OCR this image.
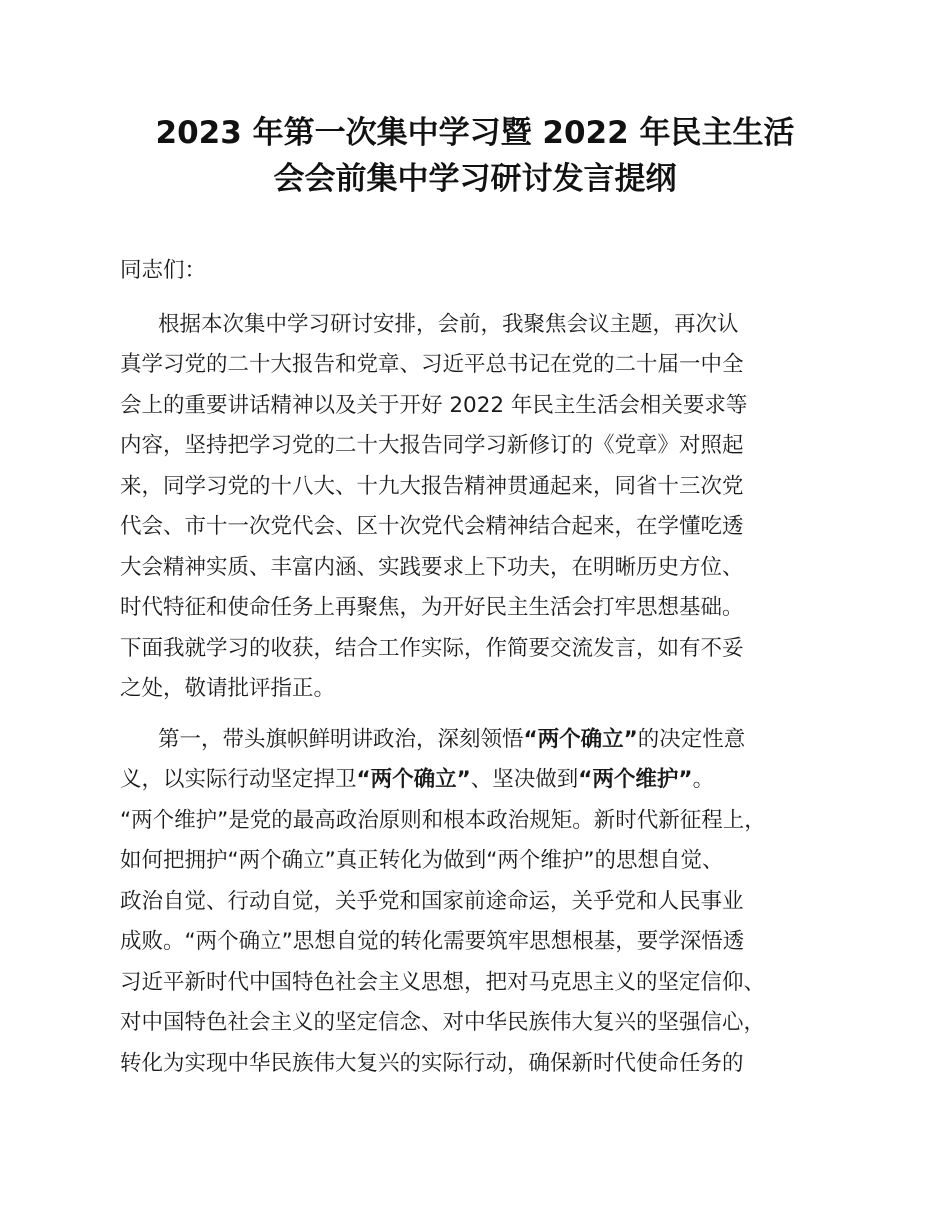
2023 年第一次集中学习暨 2022 年民主生活
会会前集中学习研讨发言提纲
同志们：
根据本次集中学习研讨安排，会前，我聚焦会议主题，再次认
真学习党的二十大报告和党章、习近平总书记在党的二十届一中全
会上的重要讲话精神以及关于开好 2022 年民主生活会相关要求等
内容，坚持把学习党的二十大报告同学习新修订的《党章》对照起
来，同学习党的十八大、十九大报告精神贯通起来，同省十三次党
代会、市十一次党代会、区十次党代会精神结合起来，在学懂吃透
大会精神实质、丰富内涵、实践要求上下功夫，在明晰历史方位、
时代特征和使命任务上再聚焦，为开好民主生活会打牢思想基础。
下面我就学习的收获，结合工作实际，作简要交流发言，如有不妥
之处，敬请批评指正。
第一，带头旗帜鲜明讲政治，深刻领悟“两个确立”的决定性意
义，以实际行动坚定捍卫“两个确立”、坚决做到“两个维护”。
“两个维护”是党的最高政治原则和根本政治规矩。新时代新征程上，
如何把拥护“两个确立”真正转化为做到“两个维护”的思想自觉、
政治自觉、行动自觉，关乎党和国家前途命运，关乎党和人民事业
成败。“两个确立”思想自觉的转化需要筑牢思想根基，要学深悟透
习近平新时代中国特色社会主义思想，把对马克思主义的坚定信仰、
对中国特色社会主义的坚定信念、对中华民族伟大复兴的坚强信心，
转化为实现中华民族伟大复兴的实际行动，确保新时代使命任务的
